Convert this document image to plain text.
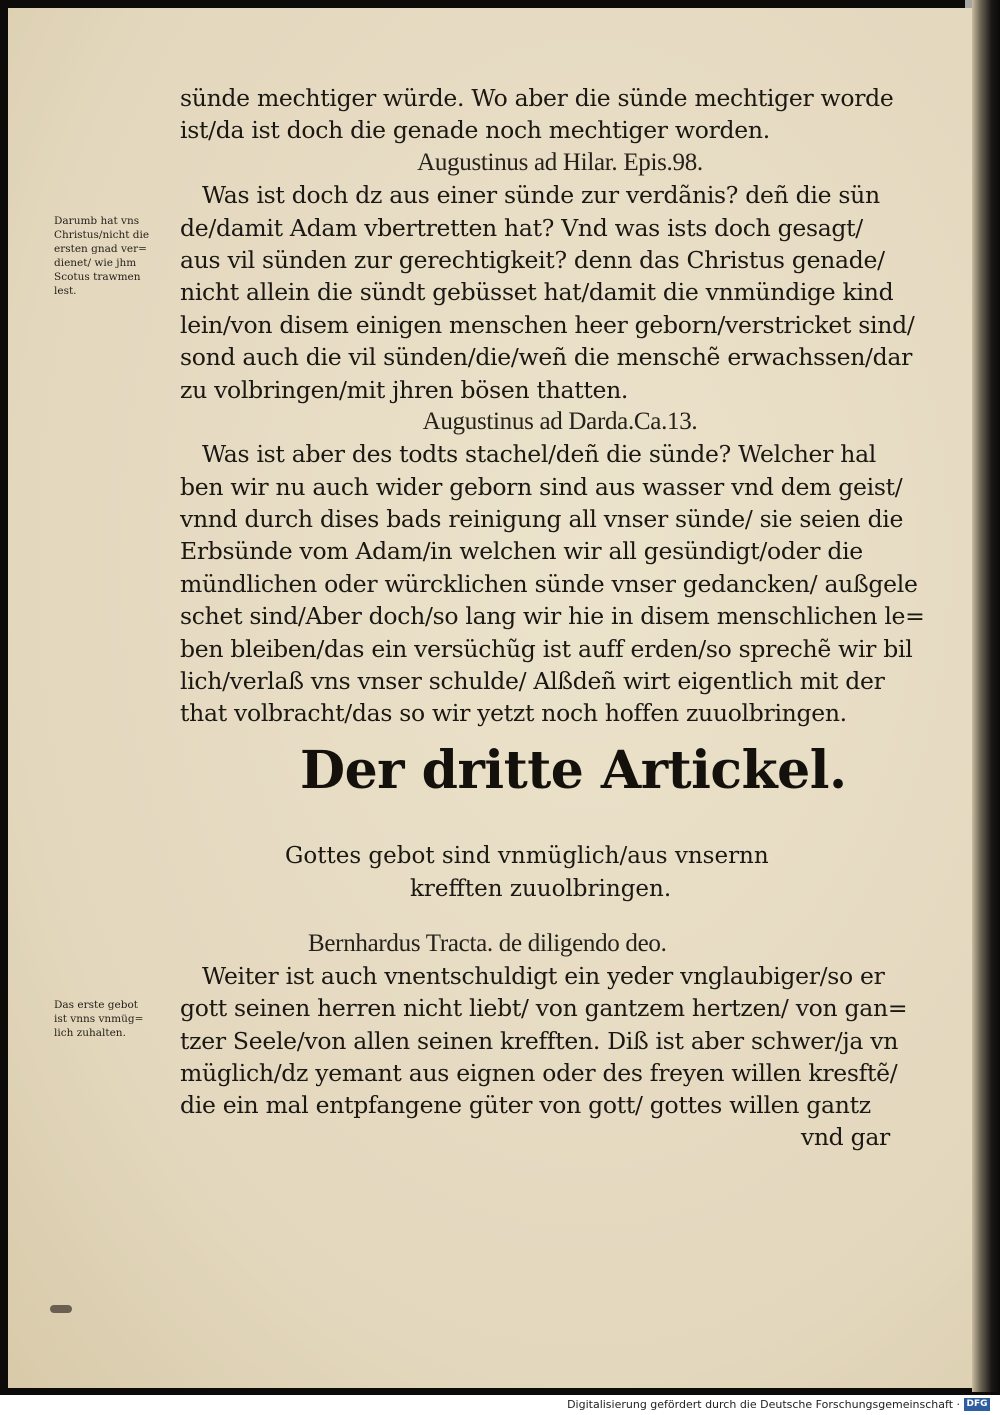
sünde mechtiger würde. Wo aber die sünde mechtiger worde
ist/da ist doch die genade noch mechtiger worden.
Augustinus ad Hilar. Epis.98.
Was ist doch dz aus einer sünde zur verdãnis? deñ die sün
de/damit Adam vbertretten hat? Vnd was ists doch gesagt/
aus vil sünden zur gerechtigkeit? denn das Christus genade/
nicht allein die sündt gebüsset hat/damit die vnmündige kind
lein/von disem einigen menschen heer geborn/verstricket sind/
sond auch die vil sünden/die/weñ die menschẽ erwachssen/dar
zu volbringen/mit jhren bösen thatten.
Augustinus ad Darda.Ca.13.
Was ist aber des todts stachel/deñ die sünde? Welcher hal
ben wir nu auch wider geborn sind aus wasser vnd dem geist/
vnnd durch dises bads reinigung all vnser sünde/ sie seien die
Erbsünde vom Adam/in welchen wir all gesündigt/oder die
mündlichen oder würcklichen sünde vnser gedancken/ außgele
schet sind/Aber doch/so lang wir hie in disem menschlichen le=
ben bleiben/das ein versüchũg ist auff erden/so sprechẽ wir bil
lich/verlaß vns vnser schulde/ Alßdeñ wirt eigentlich mit der
that volbracht/das so wir yetzt noch hoffen zuuolbringen.
Darumb hat vns
Christus/nicht die
ersten gnad ver=
dienet/ wie jhm
Scotus trawmen
lest.
Der dritte Artickel.
Gottes gebot sind vnmüglich/aus vnsernn
krefften zuuolbringen.
Bernhardus Tracta. de diligendo deo.
Weiter ist auch vnentschuldigt ein yeder vnglaubiger/so er
gott seinen herren nicht liebt/ von gantzem hertzen/ von gan=
tzer Seele/von allen seinen krefften. Diß ist aber schwer/ja vn
müglich/dz yemant aus eignen oder des freyen willen kresftẽ/
die ein mal entpfangene güter von gott/ gottes willen gantz
vnd gar
Das erste gebot
ist vnns vnmüg=
lich zuhalten.
Digitalisierung gefördert durch die Deutsche Forschungsgemeinschaft · DFG
